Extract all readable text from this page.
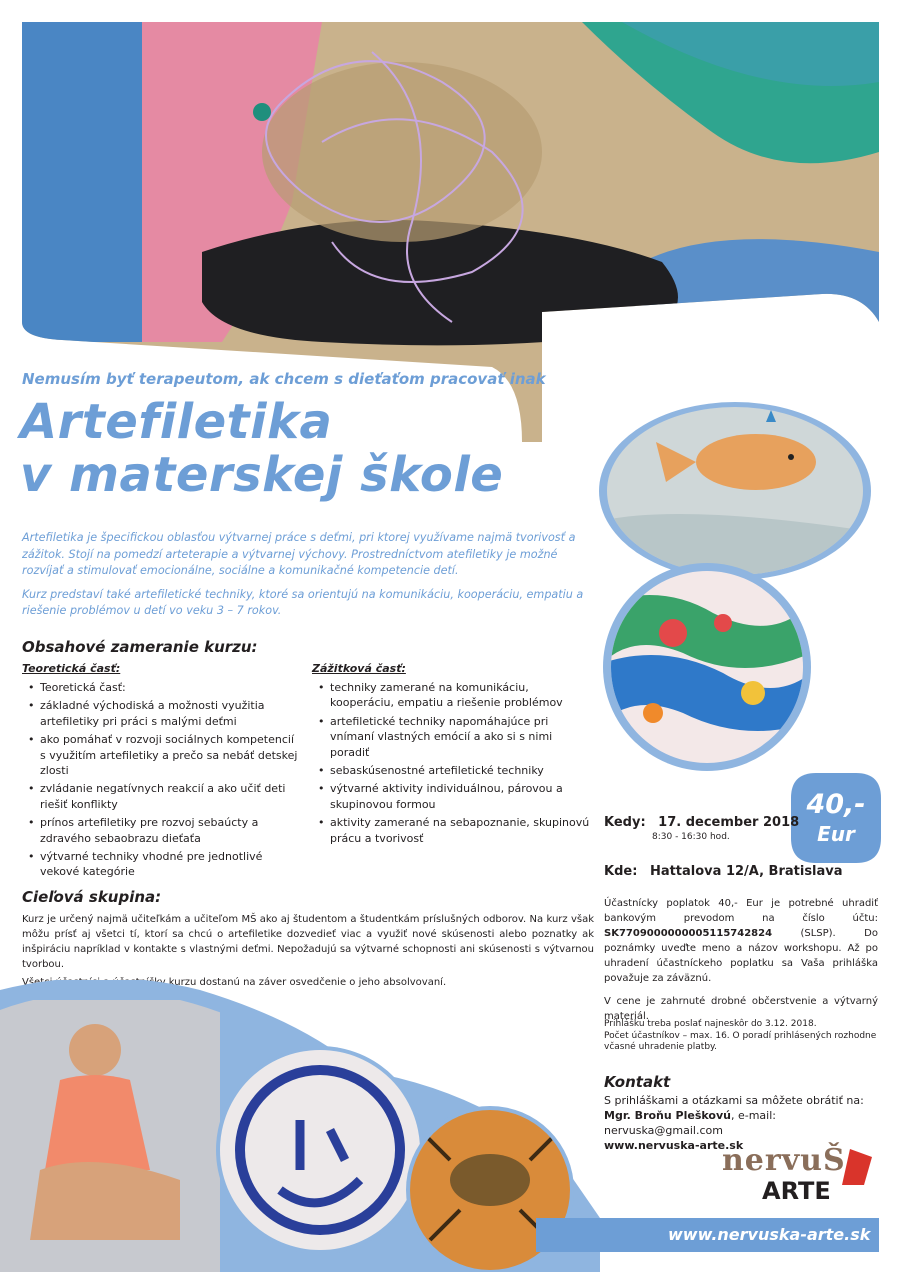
40,-
Eur
Nemusím byť terapeutom, ak chcem s dieťaťom pracovať inak
Artefiletika
v materskej škole

Artefiletika je špecifickou oblasťou výtvarnej práce s deťmi, pri ktorej využívame najmä tvorivosť a zážitok. Stojí na pomedzí arteterapie a výtvarnej výchovy. Prostredníctvom atefiletiky je možné rozvíjať a stimulovať emocionálne, sociálne a komunikačné kompetencie detí.

Kurz predstaví také artefiletické techniky, ktoré sa orientujú na komunikáciu, kooperáciu, empatiu a riešenie problémov u detí vo veku 3 – 7 rokov.

Obsahové zameranie kurzu:
Teoretická časť:
• Teoretická časť:
• základné východiská a možnosti využitia artefiletiky pri práci s malými deťmi
• ako pomáhať v rozvoji sociálnych kompetencií s využitím artefiletiky a prečo sa nebáť detskej zlosti
• zvládanie negatívnych reakcií a ako učiť deti riešiť konflikty
• prínos artefiletiky pre rozvoj sebaúcty a zdravého sebaobrazu dieťaťa
• výtvarné techniky vhodné pre jednotlivé vekové kategórie
Zážitková časť:
• techniky zamerané na komunikáciu, kooperáciu, empatiu a riešenie problémov
• artefiletické techniky napomáhajúce pri vnímaní vlastných emócií a ako si s nimi poradiť
• sebaskúsenostné artefiletické techniky
• výtvarné aktivity individuálnou, párovou a skupinovou formou
• aktivity zamerané na sebapoznanie, skupinovú prácu a tvorivosť
Cieľová skupina:

Kurz je určený najmä učiteľkám a učiteľom MŠ ako aj študentom a študentkám príslušných odborov. Na kurz však môžu prísť aj všetci tí, ktorí sa chcú o artefiletike dozvedieť viac a využiť nové skúsenosti alebo poznatky ak inšpiráciu napríklad v kontakte s vlastnými deťmi. Nepožadujú sa výtvarné schopnosti ani skúsenosti s výtvarnou tvorbou.

Všetci účastníci a účastníčky kurzu dostanú na záver osvedčenie o jeho absolvovaní.

Kedy: 17. december 2018
8:30 - 16:30 hod.
Kde: Hattalova 12/A, Bratislava

Účastnícky poplatok 40,- Eur je potrebné uhradiť bankovým prevodom na číslo účtu: SK7709000000005115742824 (SLSP). Do poznámky uveďte meno a názov workshopu. Až po uhradení účastníckeho poplatku sa Vaša prihláška považuje za záväznú.

V cene je zahrnuté drobné občerstvenie a výtvarný materiál.

Prihlášku treba poslať najneskôr do 3.12. 2018.
Počet účastníkov – max. 16. O poradí prihlásených rozhodne včasné uhradenie platby.
Kontakt
S prihláškami a otázkami sa môžete obrátiť na:
Mgr. Broňu Pleškovú, e-mail: nervuska@gmail.com
www.nervuska-arte.sk
nervuŠ
ARTE
www.nervuska-arte.sk
